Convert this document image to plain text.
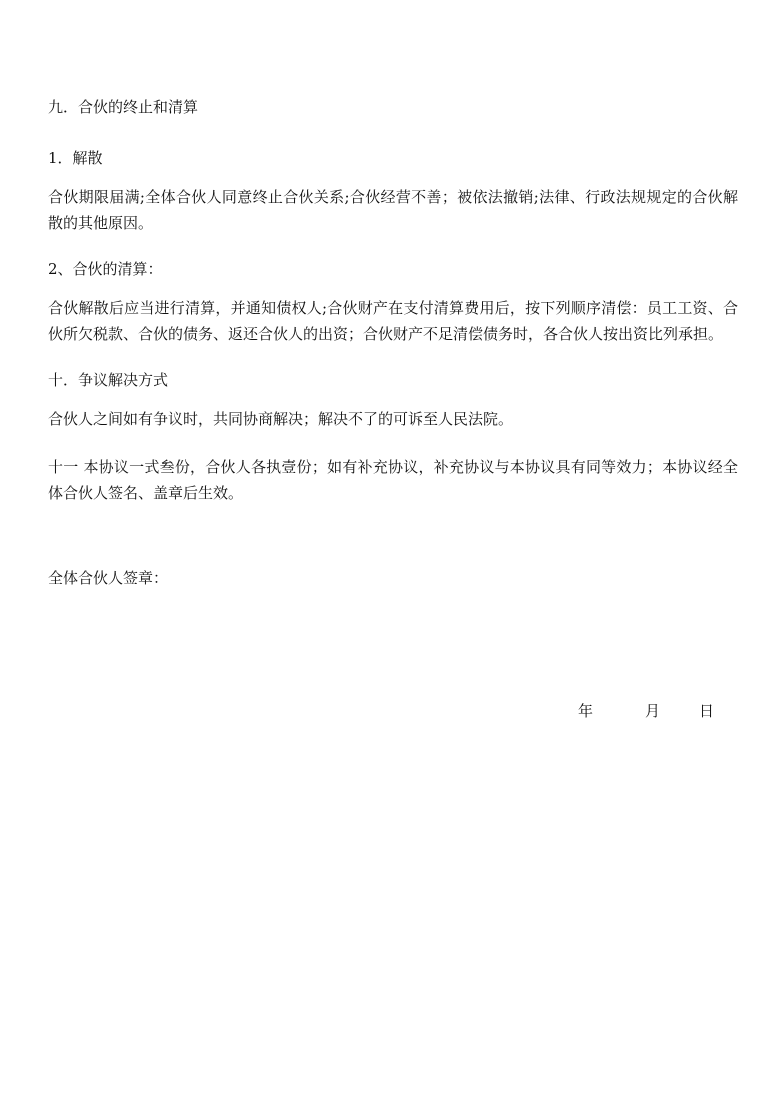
九．合伙的终止和清算

1．解散

合伙期限届满;全体合伙人同意终止合伙关系;合伙经营不善；被依法撤销;法律、行政法规规定的合伙解散的其他原因。

2、合伙的清算：

合伙解散后应当进行清算，并通知债权人;合伙财产在支付清算费用后，按下列顺序清偿：员工工资、合伙所欠税款、合伙的债务、返还合伙人的出资；合伙财产不足清偿债务时，各合伙人按出资比列承担。

十．争议解决方式

合伙人之间如有争议时，共同协商解决；解决不了的可诉至人民法院。

十一 本协议一式叁份，合伙人各执壹份；如有补充协议，补充协议与本协议具有同等效力；本协议经全体合伙人签名、盖章后生效。

全体合伙人签章：

年	月	日
